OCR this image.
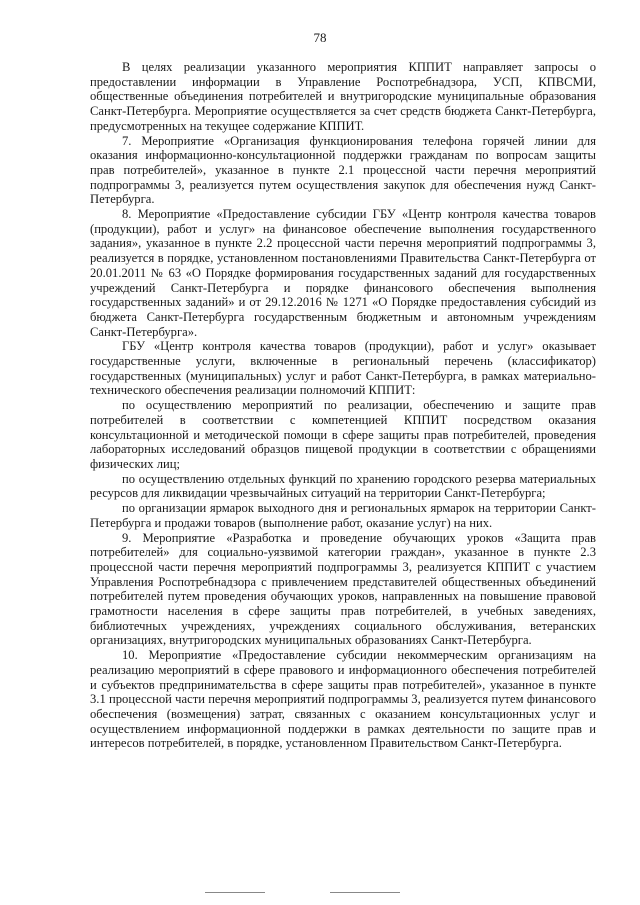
78

В целях реализации указанного мероприятия КППИТ направляет запросы о предоставлении информации в Управление Роспотребнадзора, УСП, КПВСМИ, общественные объединения потребителей и внутригородские муниципальные образования Санкт-Петербурга. Мероприятие осуществляется за счет средств бюджета Санкт-Петербурга, предусмотренных на текущее содержание КППИТ.

7. Мероприятие «Организация функционирования телефона горячей линии для оказания информационно-консультационной поддержки гражданам по вопросам защиты прав потребителей», указанное в пункте 2.1 процессной части перечня мероприятий подпрограммы 3, реализуется путем осуществления закупок для обеспечения нужд Санкт-Петербурга.

8. Мероприятие «Предоставление субсидии ГБУ «Центр контроля качества товаров (продукции), работ и услуг» на финансовое обеспечение выполнения государственного задания», указанное в пункте 2.2 процессной части перечня мероприятий подпрограммы 3, реализуется в порядке, установленном постановлениями Правительства Санкт-Петербурга от 20.01.2011 № 63 «О Порядке формирования государственных заданий для государственных учреждений Санкт-Петербурга и порядке финансового обеспечения выполнения государственных заданий» и от 29.12.2016 № 1271 «О Порядке предоставления субсидий из бюджета Санкт-Петербурга государственным бюджетным и автономным учреждениям Санкт-Петербурга».

ГБУ «Центр контроля качества товаров (продукции), работ и услуг» оказывает государственные услуги, включенные в региональный перечень (классификатор) государственных (муниципальных) услуг и работ Санкт-Петербурга, в рамках материально-технического обеспечения реализации полномочий КППИТ:

по осуществлению мероприятий по реализации, обеспечению и защите прав потребителей в соответствии с компетенцией КППИТ посредством оказания консультационной и методической помощи в сфере защиты прав потребителей, проведения лабораторных исследований образцов пищевой продукции в соответствии с обращениями физических лиц;

по осуществлению отдельных функций по хранению городского резерва материальных ресурсов для ликвидации чрезвычайных ситуаций на территории Санкт-Петербурга;

по организации ярмарок выходного дня и региональных ярмарок на территории Санкт-Петербурга и продажи товаров (выполнение работ, оказание услуг) на них.

9. Мероприятие «Разработка и проведение обучающих уроков «Защита прав потребителей» для социально-уязвимой категории граждан», указанное в пункте 2.3 процессной части перечня мероприятий подпрограммы 3, реализуется КППИТ с участием Управления Роспотребнадзора с привлечением представителей общественных объединений потребителей путем проведения обучающих уроков, направленных на повышение правовой грамотности населения в сфере защиты прав потребителей, в учебных заведениях, библиотечных учреждениях, учреждениях социального обслуживания, ветеранских организациях, внутригородских муниципальных образованиях Санкт-Петербурга.

10. Мероприятие «Предоставление субсидии некоммерческим организациям на реализацию мероприятий в сфере правового и информационного обеспечения потребителей и субъектов предпринимательства в сфере защиты прав потребителей», указанное в пункте 3.1 процессной части перечня мероприятий подпрограммы 3, реализуется путем финансового обеспечения (возмещения) затрат, связанных с оказанием консультационных услуг и осуществлением информационной поддержки в рамках деятельности по защите прав и интересов потребителей, в порядке, установленном Правительством Санкт-Петербурга.
